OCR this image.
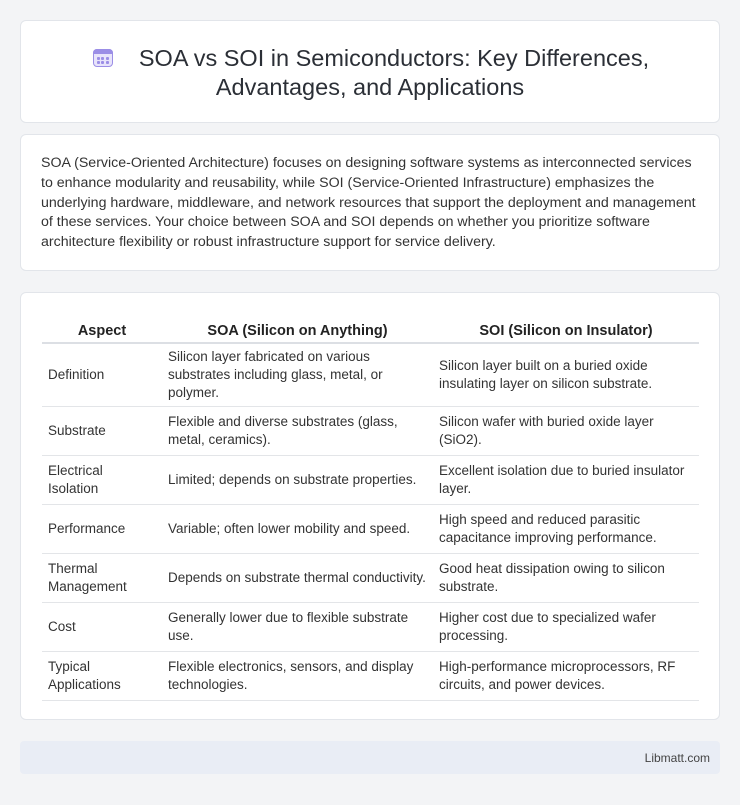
SOA vs SOI in Semiconductors: Key Differences,
Advantages, and Applications

SOA (Service-Oriented Architecture) focuses on designing software systems as interconnected services to enhance modularity and reusability, while SOI (Service-Oriented Infrastructure) emphasizes the underlying hardware, middleware, and network resources that support the deployment and management of these services. Your choice between SOA and SOI depends on whether you prioritize software architecture flexibility or robust infrastructure support for service delivery.

Aspect	SOA (Silicon on Anything)	SOI (Silicon on Insulator)
Definition	Silicon layer fabricated on various substrates including glass, metal, or polymer.	Silicon layer built on a buried oxide insulating layer on silicon substrate.
Substrate	Flexible and diverse substrates (glass, metal, ceramics).	Silicon wafer with buried oxide layer (SiO2).
Electrical Isolation	Limited; depends on substrate properties.	Excellent isolation due to buried insulator layer.
Performance	Variable; often lower mobility and speed.	High speed and reduced parasitic capacitance improving performance.
Thermal Management	Depends on substrate thermal conductivity.	Good heat dissipation owing to silicon substrate.
Cost	Generally lower due to flexible substrate use.	Higher cost due to specialized wafer processing.
Typical Applications	Flexible electronics, sensors, and display technologies.	High-performance microprocessors, RF circuits, and power devices.
Libmatt.com
